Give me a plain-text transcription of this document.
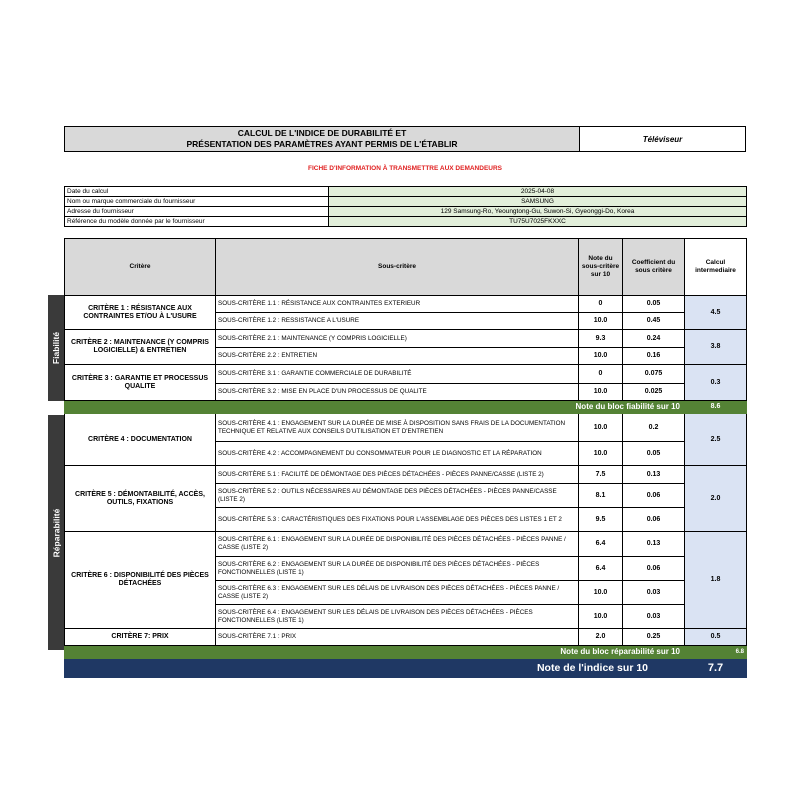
CALCUL DE L'INDICE DE DURABILITÉ ET
PRÉSENTATION DES PARAMÈTRES AYANT PERMIS DE L'ÉTABLIR	Téléviseur
FICHE D'INFORMATION À TRANSMETTRE AUX DEMANDEURS
Date du calcul	2025-04-08
Nom ou marque commerciale du fournisseur	SAMSUNG
Adresse du fournisseur	129 Samsung-Ro, Yeoungtong-Gu, Suwon-Si, Gyeonggi-Do, Korea
Référence du modèle donnée par le fournisseur	TU75U7025FKXXC
Fiabilité
Réparabilité
Critère	Sous-critère	Note du sous-critère sur 10	Coefficient du sous critère	Calcul intermediaire
CRITÈRE 1 : RÉSISTANCE AUX CONTRAINTES ET/OU À L'USURE	SOUS-CRITÈRE 1.1 : RÉSISTANCE AUX CONTRAINTES EXTERIEUR	0	0.05	4.5
	SOUS-CRITÈRE 1.2 : RESSISTANCE A L'USURE	10.0	0.45	
CRITÈRE 2 : MAINTENANCE (Y COMPRIS LOGICIELLE) & ENTRETIEN	SOUS-CRITÈRE 2.1 : MAINTENANCE (Y COMPRIS LOGICIELLE)	9.3	0.24	3.8
	SOUS-CRITÈRE 2.2 : ENTRETIEN	10.0	0.16	
CRITÈRE 3 : GARANTIE ET PROCESSUS QUALITE	SOUS-CRITÈRE 3.1 : GARANTIE COMMERCIALE DE DURABILITÉ	0	0.075	0.3
	SOUS-CRITÈRE 3.2 : MISE EN PLACE D'UN PROCESSUS DE QUALITE	10.0	0.025	
Note du bloc fiabilité sur 10				8.6
CRITÈRE 4 : DOCUMENTATION	SOUS-CRITÈRE 4.1 : ENGAGEMENT SUR LA DURÉE DE MISE À DISPOSITION SANS FRAIS DE LA DOCUMENTATION TECHNIQUE ET RELATIVE AUX CONSEILS D'UTILISATION ET D'ENTRETIEN	10.0	0.2	2.5
	SOUS-CRITÈRE 4.2 : ACCOMPAGNEMENT DU CONSOMMATEUR POUR LE DIAGNOSTIC ET LA RÉPARATION	10.0	0.05	
CRITÈRE 5 : DÉMONTABILITÉ, ACCÈS, OUTILS, FIXATIONS	SOUS-CRITÈRE 5.1 : FACILITÉ DE DÉMONTAGE DES PIÈCES DÉTACHÉES - PIÈCES PANNE/CASSE (LISTE 2)	7.5	0.13	2.0
	SOUS-CRITÈRE 5.2 : OUTILS NÉCESSAIRES AU DÉMONTAGE DES PIÈCES DÉTACHÉES - PIÈCES PANNE/CASSE (LISTE 2)	8.1	0.06	
	SOUS-CRITÈRE 5.3 : CARACTÉRISTIQUES DES FIXATIONS POUR L'ASSEMBLAGE DES PIÈCES DES LISTES 1 ET 2	9.5	0.06	
CRITÈRE 6 : DISPONIBILITÉ DES PIÈCES DÉTACHÉES	SOUS-CRITÈRE 6.1 : ENGAGEMENT SUR LA DURÉE DE DISPONIBILITÉ DES PIÈCES DÉTACHÉES - PIÈCES PANNE / CASSE (LISTE 2)	6.4	0.13	1.8
	SOUS-CRITÈRE 6.2 : ENGAGEMENT SUR LA DURÉE DE DISPONIBILITÉ DES PIÈCES DÉTACHÉES - PIÈCES FONCTIONNELLES (LISTE 1)	6.4	0.06	
	SOUS-CRITÈRE 6.3 : ENGAGEMENT SUR LES DÉLAIS DE LIVRAISON DES PIÈCES DÉTACHÉES - PIÈCES PANNE / CASSE (LISTE 2)	10.0	0.03	
	SOUS-CRITÈRE 6.4 : ENGAGEMENT SUR LES DÉLAIS DE LIVRAISON DES PIÈCES DÉTACHÉES - PIÈCES FONCTIONNELLES (LISTE 1)	10.0	0.03	
CRITÈRE 7: PRIX	SOUS-CRITÈRE 7.1 : PRIX	2.0	0.25	0.5
Note du bloc réparabilité sur 10				6.8
Note de l'indice sur 10				7.7
